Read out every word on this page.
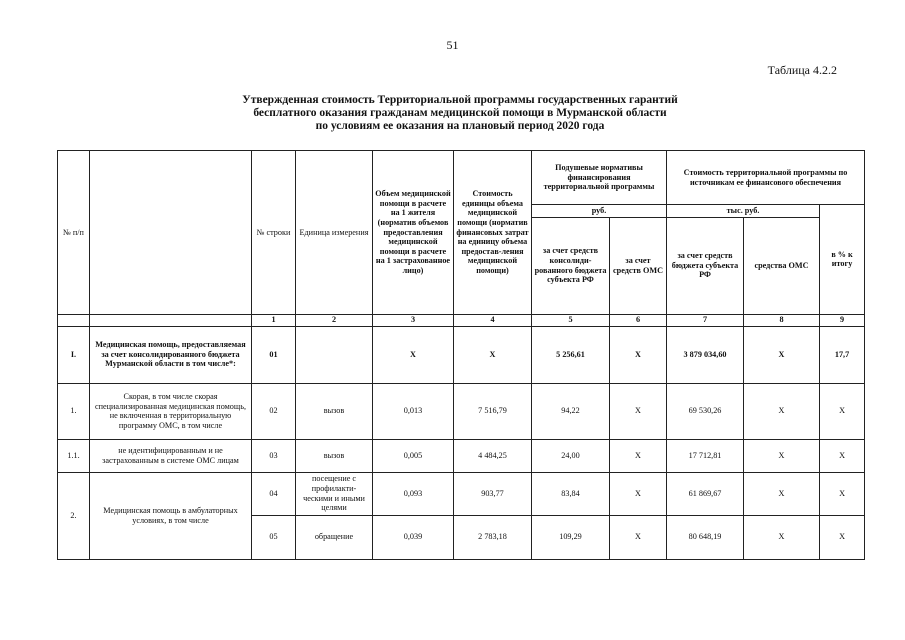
51
Таблица 4.2.2
Утвержденная стоимость Территориальной программы государственных гарантий
бесплатного оказания гражданам медицинской помощи в Мурманской области
по условиям ее оказания на плановый период 2020 года
№ п/п		№ строки	Единица измерения	Объем медицинской помощи в расчете на 1 жителя (норматив объемов предоставления медицинской помощи в расчете на 1 застрахованное лицо)	Стоимость единицы объема медицинской помощи (норматив финансовых затрат на единицу объема предостав-ления медицинской помощи)	Подушевые нормативы финансирования территориальной программы		Стоимость территориальной программы по источникам ее финансового обеспечения		
						руб.		тыс. руб.		в % к итогу
						за счет средств консолиди-рованного бюджета субъекта РФ	за счет средств ОМС	за счет средств бюджета субъекта РФ	средства ОМС	
		1	2	3	4	5	6	7	8	9
I.	Медицинская помощь, предоставляемая за счет консолидированного бюджета Мурманской области в том числе*:	01		Х	Х	5 256,61	Х	3 879 034,60	Х	17,7
1.	Скорая, в том числе скорая специализированная медицинская помощь, не включенная в территориальную программу ОМС, в том числе	02	вызов	0,013	7 516,79	94,22	Х	69 530,26	Х	Х
1.1.	не идентифицированным и не застрахованным в системе ОМС лицам	03	вызов	0,005	4 484,25	24,00	Х	17 712,81	Х	Х
2.	Медицинская помощь в амбулаторных условиях, в том числе	04	посещение с профилакти-ческими и иными целями	0,093	903,77	83,84	Х	61 869,67	Х	Х
		05	обращение	0,039	2 783,18	109,29	Х	80 648,19	Х	Х
